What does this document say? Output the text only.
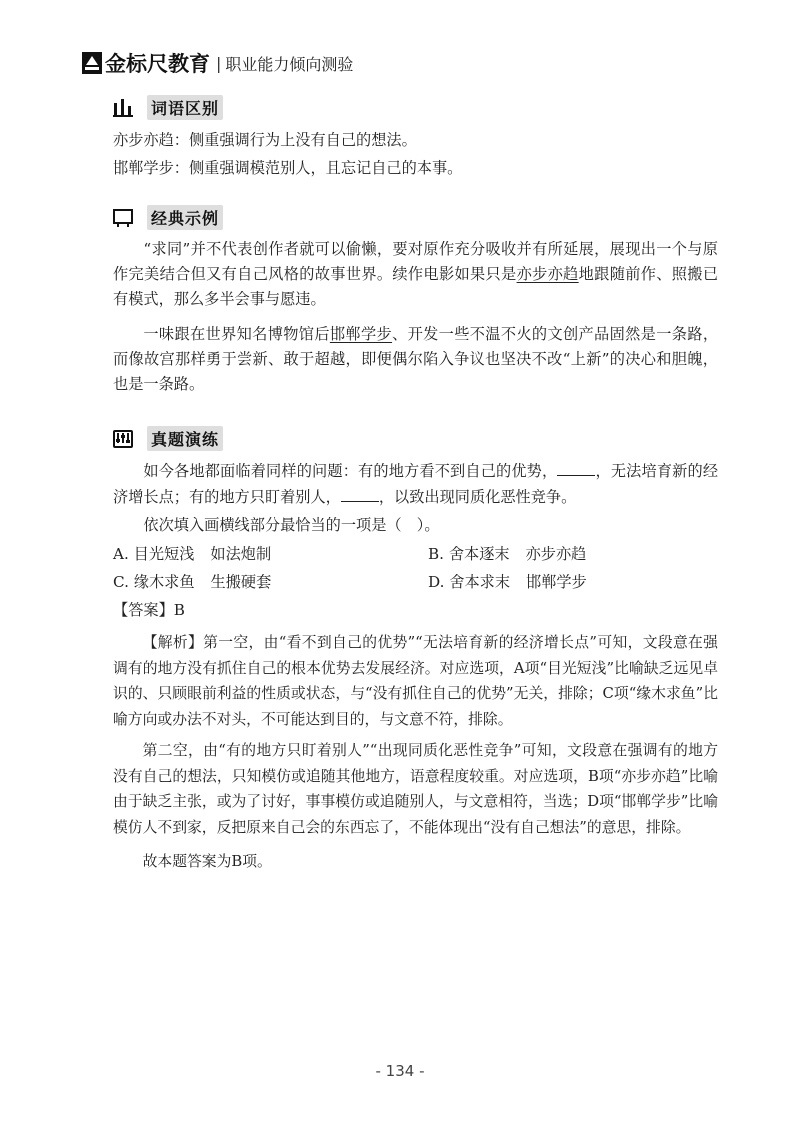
金标尺教育 | 职业能力倾向测验
词语区别

亦步亦趋：侧重强调行为上没有自己的想法。

邯郸学步：侧重强调模范别人，且忘记自己的本事。

经典示例

“求同”并不代表创作者就可以偷懒，要对原作充分吸收并有所延展，展现出一个与原作完美结合但又有自己风格的故事世界。续作电影如果只是亦步亦趋地跟随前作、照搬已有模式，那么多半会事与愿违。

一味跟在世界知名博物馆后邯郸学步、开发一些不温不火的文创产品固然是一条路，而像故宫那样勇于尝新、敢于超越，即便偶尔陷入争议也坚决不改“上新”的决心和胆魄，也是一条路。

真题演练

如今各地都面临着同样的问题：有的地方看不到自己的优势，	，无法培育新的经济增长点；有的地方只盯着别人，	，以致出现同质化恶性竞争。

依次填入画横线部分最恰当的一项是（　）。

A. 目光短浅 如法炮制	B. 舍本逐末 亦步亦趋
C. 缘木求鱼 生搬硬套	D. 舍本求末 邯郸学步
【答案】B

【解析】第一空，由“看不到自己的优势”“无法培育新的经济增长点”可知，文段意在强调有的地方没有抓住自己的根本优势去发展经济。对应选项，A项“目光短浅”比喻缺乏远见卓识的、只顾眼前利益的性质或状态，与“没有抓住自己的优势”无关，排除；C项“缘木求鱼”比喻方向或办法不对头，不可能达到目的，与文意不符，排除。

第二空，由“有的地方只盯着别人”“出现同质化恶性竞争”可知，文段意在强调有的地方没有自己的想法，只知模仿或追随其他地方，语意程度较重。对应选项，B项“亦步亦趋”比喻由于缺乏主张，或为了讨好，事事模仿或追随别人，与文意相符，当选；D项“邯郸学步”比喻模仿人不到家，反把原来自己会的东西忘了，不能体现出“没有自己想法”的意思，排除。

故本题答案为B项。

- 134 -
